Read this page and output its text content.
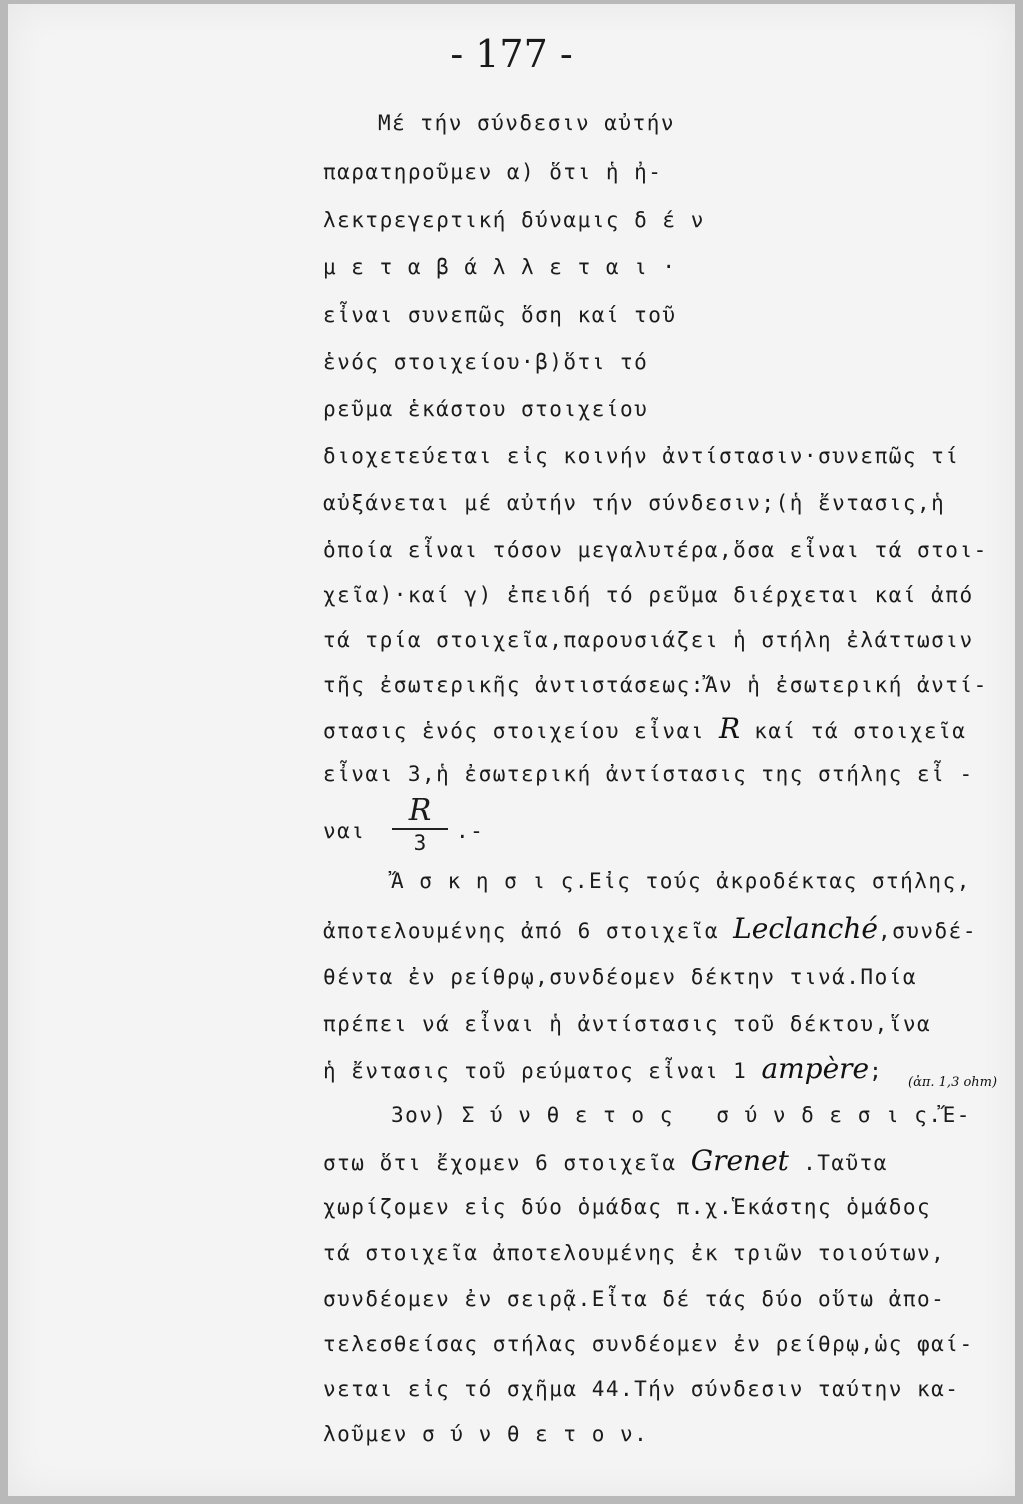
- 177 -
Μέ τήν σύνδεσιν αὐτήν
παρατηροῦμεν α) ὅτι ἡ ἠ-
λεκτρεγερτική δύναμις δ έ ν
μ ε τ α β ά λ λ ε τ α ι ·
εἶναι συνεπῶς ὅση καί τοῦ
ἑνός στοιχείου·β)ὅτι τό
ρεῦμα ἑκάστου στοιχείου
διοχετεύεται εἰς κοινήν ἀντίστασιν·συνεπῶς τί
αὐξάνεται μέ αὐτήν τήν σύνδεσιν;(ἡ ἔντασις,ἡ
ὁποία εἶναι τόσον μεγαλυτέρα,ὅσα εἶναι τά στοι-
χεῖα)·καί γ) ἐπειδή τό ρεῦμα διέρχεται καί ἀπό
τά τρία στοιχεῖα,παρουσιάζει ἡ στήλη ἐλάττωσιν
τῆς ἐσωτερικῆς ἀντιστάσεως:Ἄν ἡ ἐσωτερική ἀντί-
στασις ἑνός στοιχείου εἶναι R καί τά στοιχεῖα
εἶναι 3,ἡ ἐσωτερική ἀντίστασις της στήλης εἶ -
ναι
R
3	.-
Ἄ σ κ η σ ι ς.Εἰς τούς ἀκροδέκτας στήλης,
ἀποτελουμένης ἀπό 6 στοιχεῖα Leclanché,συνδέ-
θέντα ἐν ρείθρῳ,συνδέομεν δέκτην τινά.Ποία
πρέπει νά εἶναι ἡ ἀντίστασις τοῦ δέκτου,ἵνα
ἡ ἔντασις τοῦ ρεύματος εἶναι 1 ampère; (ἀπ. 1,3 ohm)
3ον) Σ ύ ν θ ε τ ο ς   σ ύ ν δ ε σ ι ς.Ἔ-
στω ὅτι ἔχομεν 6 στοιχεῖα Grenet .Ταῦτα
χωρίζομεν εἰς δύο ὁμάδας π.χ.Ἑκάστης ὁμάδος
τά στοιχεῖα ἀποτελουμένης ἐκ τριῶν τοιούτων,
συνδέομεν ἐν σειρᾷ.Εἶτα δέ τάς δύο οὕτω ἀπο-
τελεσθείσας στήλας συνδέομεν ἐν ρείθρῳ,ὡς φαί-
νεται εἰς τό σχῆμα 44.Τήν σύνδεσιν ταύτην κα-
λοῦμεν σ ύ ν θ ε τ ο ν.
